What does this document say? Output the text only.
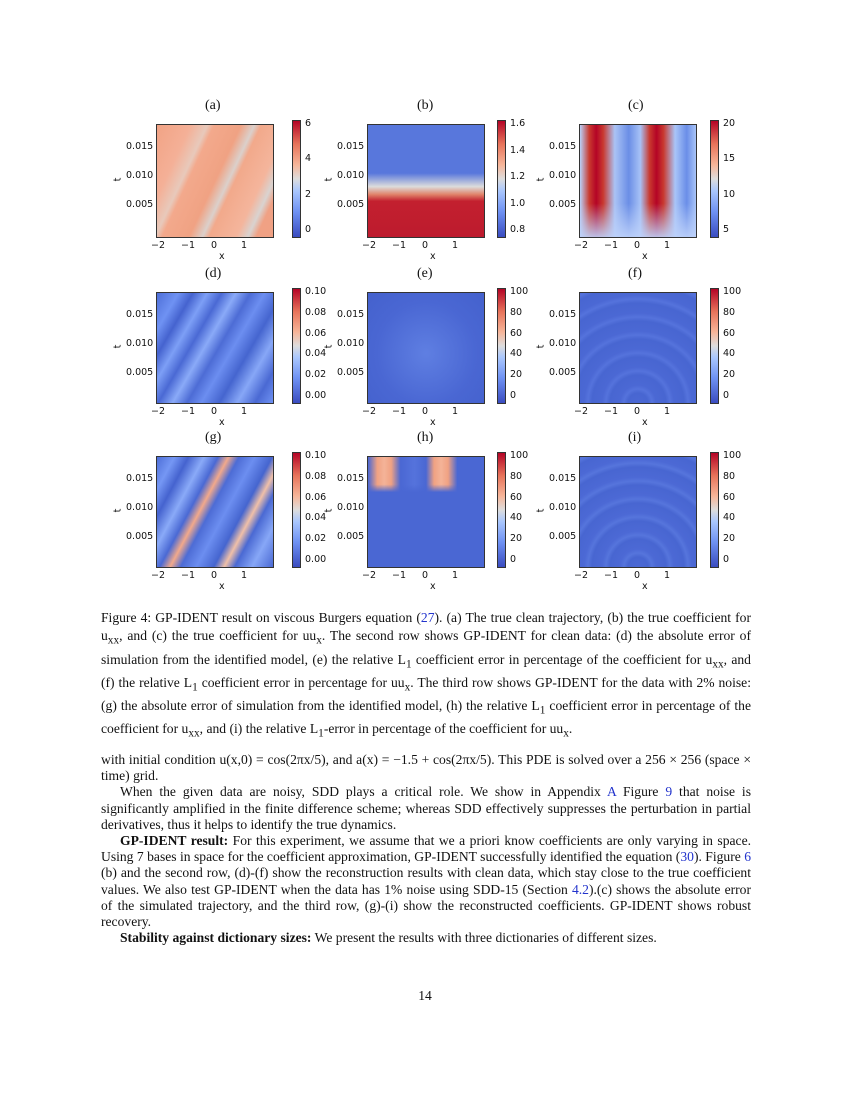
(a)
6
4
2
0
0.015
0.010
0.005
t
−2 −1 0	1
x
(b)
1.6
1.4
1.2
1.0
0.8
0.015
0.010
0.005
t
−2 −1 0	1
x
(c)
20
15
10
5
0.015
0.010
0.005
t
−2 −1 0	1
x
(d)
0.10
0.08
0.06
0.04
0.02
0.00
0.015
0.010
0.005
t
−2 −1 0	1
x
(e)
100
80
60
40
20
0
0.015
0.010
0.005
t
−2 −1 0	1
x
(f)
100
80
60
40
20
0
0.015
0.010
0.005
t
−2 −1 0	1
x
(g)
0.10
0.08
0.06
0.04
0.02
0.00
0.015
0.010
0.005
t
−2 −1 0	1
x
(h)
100
80
60
40
20
0
0.015
0.010
0.005
t
−2 −1 0	1
x
(i)
100
80
60
40
20
0
0.015
0.010
0.005
t
−2 −1 0	1
x
Figure 4: GP-IDENT result on viscous Burgers equation (27). (a) The true clean trajectory, (b) the true coefficient for $u_{xx}$, and (c) the true coefficient for $uu_x$. The second row shows GP-IDENT for clean data: (d) the absolute error of simulation from the identified model, (e) the relative $L_1$ coefficient error in percentage of the coefficient for $u_{xx}$, and (f) the relative $L_1$ coefficient error in percentage for $uu_x$. The third row shows GP-IDENT for the data with 2% noise: (g) the absolute error of simulation from the identified model, (h) the relative $L_1$ coefficient error in percentage of the coefficient for $u_{xx}$, and (i) the relative $L_1$-error in percentage of the coefficient for $uu_x$.

with initial condition u(x,0) = cos(2πx/5), and a(x) = −1.5 + cos(2πx/5). This PDE is solved over a 256 × 256 (space × time) grid.

When the given data are noisy, SDD plays a critical role. We show in Appendix A Figure 9 that noise is significantly amplified in the finite difference scheme; whereas SDD effectively suppresses the perturbation in partial derivatives, thus it helps to identify the true dynamics.

GP-IDENT result: For this experiment, we assume that we a priori know coefficients are only varying in space. Using 7 bases in space for the coefficient approximation, GP-IDENT successfully identified the equation (30). Figure 6 (b) and the second row, (d)-(f) show the reconstruction results with clean data, which stay close to the true coefficient values. We also test GP-IDENT when the data has 1% noise using SDD-15 (Section 4.2).(c) shows the absolute error of the simulated trajectory, and the third row, (g)-(i) show the reconstructed coefficients. GP-IDENT shows robust recovery.

Stability against dictionary sizes: We present the results with three dictionaries of different sizes.

14
